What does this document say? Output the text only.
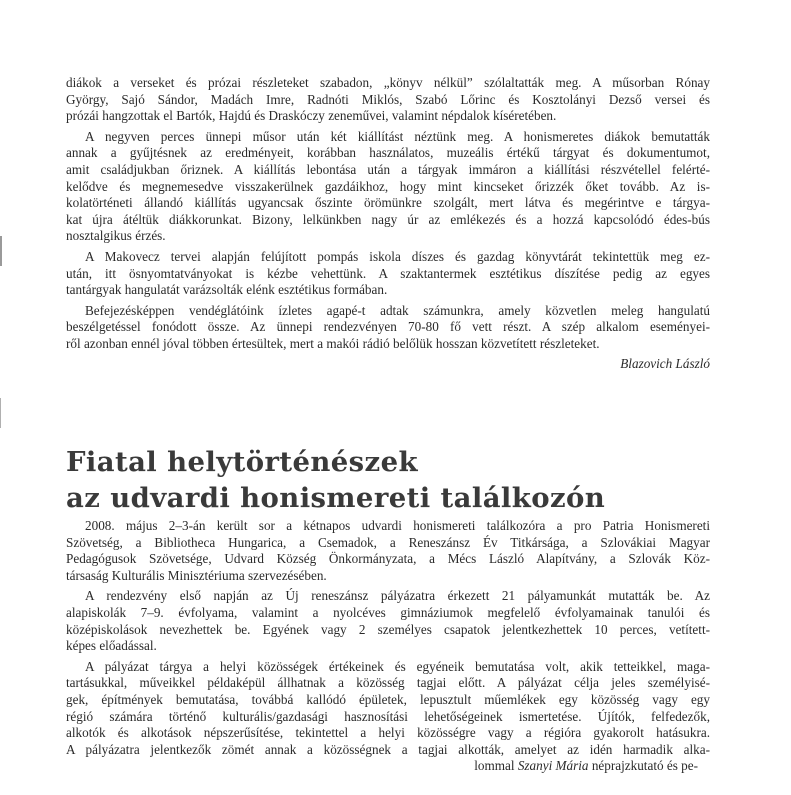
diákok a verseket és prózai részleteket szabadon, „könyv nélkül” szólaltatták meg. A műsorban Rónay
György, Sajó Sándor, Madách Imre, Radnóti Miklós, Szabó Lőrinc és Kosztolányi Dezső versei és
prózái hangzottak el Bartók, Hajdú és Draskóczy zeneművei, valamint népdalok kíséretében.
A negyven perces ünnepi műsor után két kiállítást néztünk meg. A honismeretes diákok bemutatták
annak a gyűjtésnek az eredményeit, korábban használatos, muzeális értékű tárgyat és dokumentumot,
amit családjukban őriznek. A kiállítás lebontása után a tárgyak immáron a kiállítási részvétellel felérté-
kelődve és megnemesedve visszakerülnek gazdáikhoz, hogy mint kincseket őrizzék őket tovább. Az is-
kolatörténeti állandó kiállítás ugyancsak őszinte örömünkre szolgált, mert látva és megérintve e tárgya-
kat újra átéltük diákkorunkat. Bizony, lelkünkben nagy úr az emlékezés és a hozzá kapcsolódó édes-bús
nosztalgikus érzés.
A Makovecz tervei alapján felújított pompás iskola díszes és gazdag könyvtárát tekintettük meg ez-
után, itt ösnyomtatványokat is kézbe vehettünk. A szaktantermek esztétikus díszítése pedig az egyes
tantárgyak hangulatát varázsolták elénk esztétikus formában.
Befejezésképpen vendéglátóink ízletes agapé-t adtak számunkra, amely közvetlen meleg hangulatú
beszélgetéssel fonódott össze. Az ünnepi rendezvényen 70-80 fő vett részt. A szép alkalom eseményei-
ről azonban ennél jóval többen értesültek, mert a makói rádió belőlük hosszan közvetített részleteket.
Blazovich László
Fiatal helytörténészek
az udvardi honismereti találkozón
2008. május 2–3-án került sor a kétnapos udvardi honismereti találkozóra a pro Patria Honismereti
Szövetség, a Bibliotheca Hungarica, a Csemadok, a Reneszánsz Év Titkársága, a Szlovákiai Magyar
Pedagógusok Szövetsége, Udvard Község Önkormányzata, a Mécs László Alapítvány, a Szlovák Köz-
társaság Kulturális Minisztériuma szervezésében.
A rendezvény első napján az Új reneszánsz pályázatra érkezett 21 pályamunkát mutatták be. Az
alapiskolák 7–9. évfolyama, valamint a nyolcéves gimnáziumok megfelelő évfolyamainak tanulói és
középiskolások nevezhettek be. Egyének vagy 2 személyes csapatok jelentkezhettek 10 perces, vetített-
képes előadással.
A pályázat tárgya a helyi közösségek értékeinek és egyéneik bemutatása volt, akik tetteikkel, maga-
tartásukkal, műveikkel példaképül állhatnak a közösség tagjai előtt. A pályázat célja jeles személyisé-
gek, építmények bemutatása, továbbá kallódó épületek, lepusztult műemlékek egy közösség vagy egy
régió számára történő kulturális/gazdasági hasznosítási lehetőségeinek ismertetése. Újítók, felfedezők,
alkotók és alkotások népszerűsítése, tekintettel a helyi közösségre vagy a régióra gyakorolt hatásukra.
A pályázatra jelentkezők zömét annak a közösségnek a tagjai alkották, amelyet az idén harmadik alka-
lommal Szanyi Mária néprajzkutató és pe-
